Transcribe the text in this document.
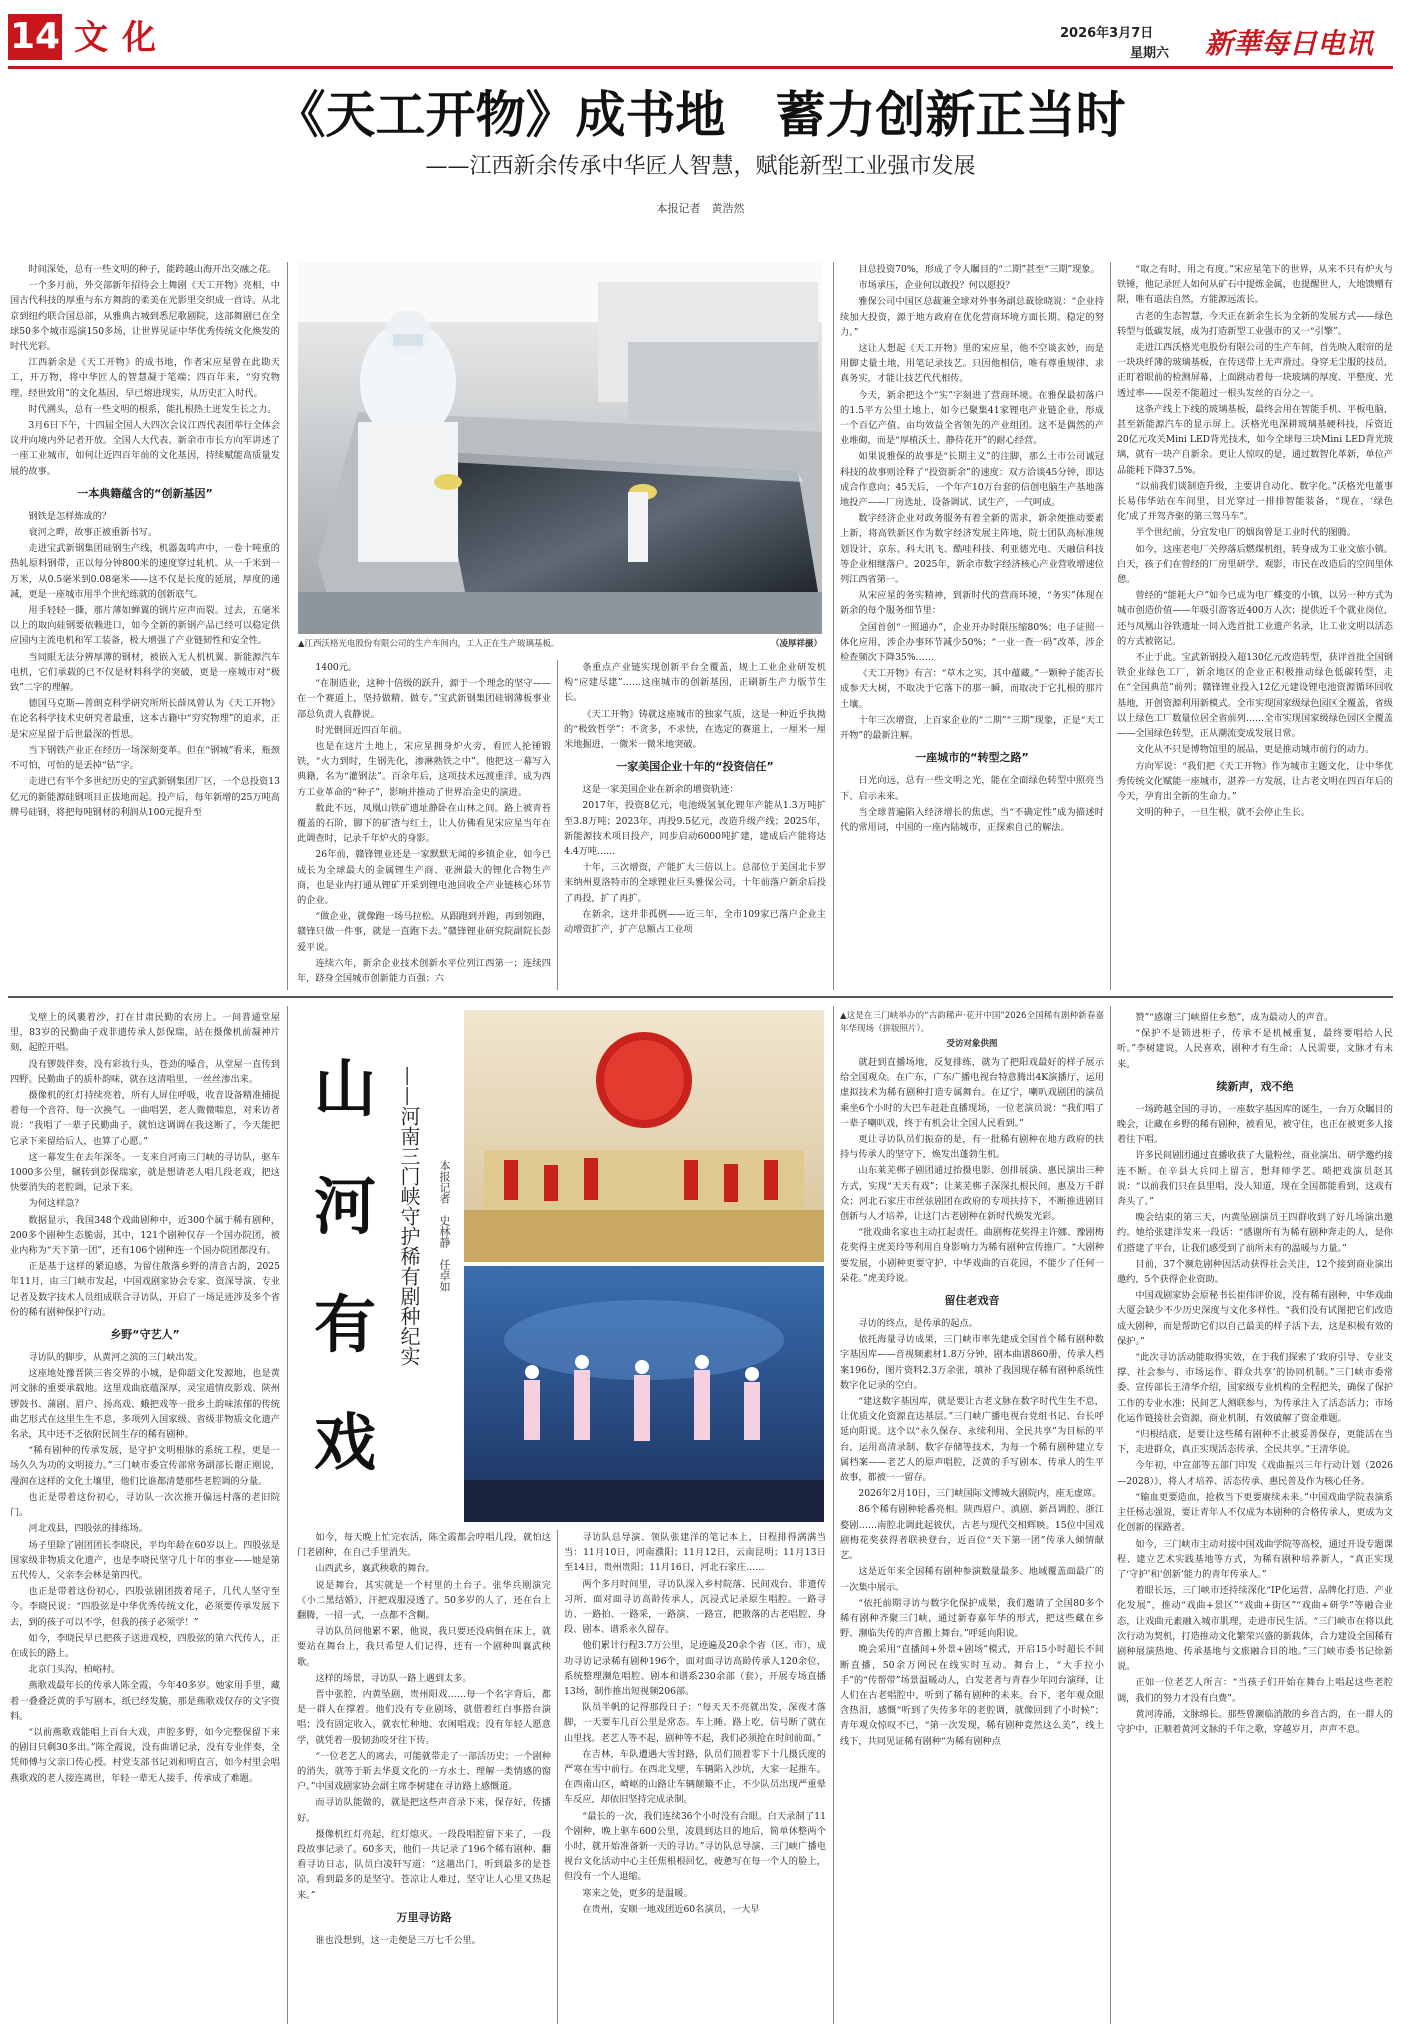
14 文化	2026年3月7日
星期六 新華每日电讯
《天工开物》成书地　蓄力创新正当时
——江西新余传承中华匠人智慧，赋能新型工业强市发展
本报记者　黄浩然
▲江西沃格光电股份有限公司的生产车间内，工人正在生产玻璃基板。	（凌厚祥摄）

时间深处，总有一些文明的种子，能跨越山海开出交融之花。

一个多月前，外交部新年招待会上舞剧《天工开物》亮相，中国古代科技的厚重与东方舞韵的柔美在光影里交织成一首诗。从北京到纽约联合国总部，从雅典古城到悉尼歌剧院，这部舞剧已在全球50多个城市巡演150多场，让世界见证中华优秀传统文化焕发的时代光彩。

江西新余是《天工开物》的成书地，作者宋应星曾在此勘天工，开万物，将中华匠人的智慧凝于笔端；四百年来，“穷究物理、经世致用”的文化基因，早已熔进现实，从历史汇入时代。

时代溯头，总有一些文明的根系，能扎根热土迸发生长之力。

3月6日下午，十四届全国人大四次会议江西代表团举行全体会议并向境内外记者开放。全国人大代表、新余市市长方向军讲述了一座工业城市，如何让近四百年前的文化基因，持续赋能高质量发展的故事。

一本典籍蕴含的“创新基因”

钢铁是怎样炼成的？

衰河之畔，故事正被重新书写。

走进宝武新钢集团硅钢生产线，机器轰鸣声中，一卷十吨重的热轧原料钢带，正以每分钟800米的速度穿过轧机。从一千米到一万米，从0.5毫米到0.08毫米——这不仅是长度的延展，厚度的递减，更是一座城市用半个世纪练就的创新底气。

用手轻轻一撕，那片薄如蝉翼的钢片应声而裂。过去，五毫米以上的取向硅钢要依赖进口，如今全新的新钢产品已经可以稳定供应国内主流电机和军工装备，极大增强了产业链韧性和安全性。

当同眼无法分辨厚薄的钢材，被嵌入无人机机翼、新能源汽车电机，它们承载的已不仅是材料科学的突破，更是一座城市对“极致”二字的理解。

德国马克斯—普朗克科学研究所所长薛凤曾认为《天工开物》在论名科学技术史研究者最重，这本古籍中“穷究物理”的追求，正是宋应星留于后世最深的哲思。

当下钢铁产业正在经历一场深刻变革。但在“钢城”看来，瓶颈不可怕，可怕的是丢掉“钻”字。

走进已有半个多世纪历史的宝武新钢集团厂区，一个总投资13亿元的新能源硅钢项目正拔地而起。投产后，每年新增的25万吨高牌号硅钢，将把每吨钢材的利润从100元提升至

1400元。

“在制造业，这种十倍级的跃升，源于一个理念的坚守——在一个赛道上，坚持做精、做专。”宝武新钢集团硅钢薄板事业部总负责人袁静说。

时光倒回近四百年前。

也是在这片土地上，宋应星拥身炉火旁，看匠人抡锤锻铁，“火力到时，生钢先化，渗淋熟铁之中”。他把这一幕写入典籍，名为“灌钢法”。百余年后，这项技术远渡重洋，成为西方工业革命的“种子”，影响并推动了世界冶金史的演进。

数此不远，凤凰山铁矿遗址静卧在山林之间。路上被青苔覆盖的石阶，脚下的矿渣与红土，让人仿佛看见宋应星当年在此调查时，记录千年炉火的身影。

26年前，赣锋锂业还是一家默默无闻的乡镇企业，如今已成长为全球最大的金属锂生产商、亚洲最大的锂化合物生产商，也是业内打通从锂矿开采到锂电池回收全产业链核心环节的企业。

“做企业，就像跑一场马拉松。从跟跑到并跑，再到领跑，赣锋只做一件事，就是一直跑下去。”赣锋锂业研究院副院长彭爱平说。

连续六年，新余企业技术创新水平位列江西第一；连续四年，跻身全国城市创新能力百强；六

条重点产业链实现创新平台全覆盖，规上工业企业研发机构“应建尽建”……这座城市的创新基因，正刷新生产力版节生长。

《天工开物》铸就这座城市的独家气质，这是一种近乎执拗的“极致哲学”：不贪多，不求快，在选定的赛道上，一厘米一厘米地掘进，一微米一微米地突破。

一家美国企业十年的“投资信任”

这是一家美国企业在新余的增资轨迹：

2017年，投资8亿元，电池级氢氧化锂年产能从1.3万吨扩至3.8万吨；2023年，再投9.5亿元，改造升级产线；2025年，新能源技术项目投产，同步启动6000吨扩建，建成后产能将达4.4万吨……

十年，三次增资，产能扩大三倍以上。总部位于美国北卡罗来纳州夏洛特市的全球锂业巨头雅保公司，十年前落户新余后投了再投，扩了再扩。

在新余，这并非孤例——近三年，全市109家已落户企业主动增资扩产，扩产总额占工业项

目总投资70%，形成了令人瞩目的“二期”甚至“三期”现象。

市场承压，企业何以敢投？何以愿投？

雅保公司中国区总裁兼全球对外事务副总裁徐晓说：“企业持续加大投资，源于地方政府在优化营商环境方面长期、稳定的努力。”

这让人想起《天工开物》里的宋应星，他不空谈玄妙，而是用脚丈量土地，用笔记录技艺。只因他相信，唯有尊重规律、求真务实，才能让技艺代代相传。

今天，新余把这个“实”字刻进了营商环境。在雅保最初落户的1.5平方公里土地上，如今已聚集41家锂电产业链企业，形成一个百亿产值、亩均效益全省领先的产业组团。这不是偶然的产业堆砌，而是“厚植沃土、静待花开”的耐心经营。

如果说雅保的故事是“长期主义”的注脚，那么土市公司诚冠科技的故事则诠释了“投资新余”的速度：双方洽谈45分钟，即达成合作意向；45天后，一个年产10万台套的信创电脑生产基地落地投产——厂房选址、设备调试、试生产，一气呵成。

数字经济企业对政务服务有着全新的需求，新余便推动要素上新，将高铁新区作为数字经济发展主阵地，院士团队高标准规划设计，京东、科大讯飞、酷哇科技、利亚德光电、天融信科技等企业相继落户。2025年，新余市数字经济核心产业营收增速位列江西省第一。

从宋应星的务实精神，到新时代的营商环境，“务实”体现在新余的每个服务细节里：

全国首创“一照通办”，企业开办时限压缩80%；电子证照一体化应用，涉企办事环节减少50%；“一业一查一码”改革，涉企检查频次下降35%……

《天工开物》有言：“草木之实，其中蕴藏。”一颗种子能否长成参天大树，不取决于它落下的那一瞬，而取决于它扎根的那片土壤。

十年三次增资，上百家企业的“二期”“三期”现象，正是“天工开物”的最新注解。

一座城市的“转型之路”

日光向远，总有一些文明之光，能在全面绿色转型中照亮当下、启示未来。

当全球普遍陷入经济增长的焦虑，当“不确定性”成为描述时代的常用词，中国的一座内陆城市，正探索自己的解法。

“取之有时，用之有度。”宋应星笔下的世界，从来不只有炉火与铁锤，他记录匠人如何从矿石中提炼金属，也提醒世人，大地馈赠有限，唯有道法自然，方能源远流长。

古老的生态智慧，今天正在新余生长为全新的发展方式——绿色转型与低碳发展，成为打造新型工业强市的又一“引擎”。

走进江西沃格光电股份有限公司的生产车间，首先映入眼帘的是一块块纤薄的玻璃基板，在传送带上无声滑过。身穿无尘服的技员，正盯着眼前的检测屏幕，上面跳动着每一块玻璃的厚度、平整度、光透过率——误差不能超过一根头发丝的百分之一。

这条产线上下线的玻璃基板，最终会用在智能手机、平板电脑，甚至新能源汽车的显示屏上。沃格光电深耕玻璃基硬科技，斥资近20亿元攻关Mini LED背光技术，如今全球每三块Mini LED背光玻璃，就有一块产自新余。更让人惊叹的是，通过数智化革新，单位产品能耗下降37.5%。

“以前我们谈制造升级，主要讲自动化、数字化。”沃格光电董事长易伟华站在车间里，目光穿过一排排智能装备，“现在，‘绿色化’成了并驾齐驱的第三驾马车”。

半个世纪前，分宜发电厂的烟囱曾是工业时代的图腾。

如今，这座老电厂关停落后燃煤机组，转身成为工业文旅小镇。白天，孩子们在曾经的厂房里研学、观影，市民在改造后的空间里休憩。

曾经的“能耗大户”如今已成为电厂蝶变的小镇，以另一种方式为城市创造价值——年吸引游客近400万人次；提供近千个就业岗位，还与凤凰山谷铁遗址一同入选首批工业遗产名录，让工业文明以活态的方式被铭记。

不止于此。宝武新钢投入超130亿元改造转型，获评首批全国钢铁企业绿色工厂，新余地区的企业正积极推动绿色低碳转型，走在“全国典范”前列；赣锋锂业投入12亿元建设锂电池资源循环回收基地，开创资源利用新模式。全市实现国家级绿色园区全覆盖，省级以上绿色工厂数量位居全省前列……全市实现国家级绿色园区全覆盖——全国绿色转型，正从潮流变成发展日常。

文化从不只是博物馆里的展品，更是推动城市前行的动力。

方向军说：“我们把《天工开物》作为城市主题文化，让中华优秀传统文化赋能一座城市，湛养一方发展，让古老文明在四百年后的今天，孕育出全新的生命力。”

文明的种子，一旦生根，就不会停止生长。

山
河
有
戏
——河南三门峡守护稀有剧种纪实	本报记者　史林静　任卓如

戈壁上的风裹着沙，打在甘肃民勤的农房上。一间普通堂屋里，83岁的民勤曲子戏非遗传承人彭保瑞，站在摄像机前凝神片刻，起腔开唱。

没有锣鼓伴奏，没有彩妆行头，苍劲的嗓音，从堂屋一直传到四野。民勤曲子的质朴韵味，就在这清唱里，一丝丝渗出来。

摄像机的红灯持续亮着，所有人屏住呼吸，收音设备精准捕捉着每一个音符、每一次换气。一曲唱罢，老人微微喘息，对来访者说：“我唱了一辈子民勤曲子，就怕这调调在我这断了，今天能把它录下来留给后人，也算了心愿。”

这一幕发生在去年深冬。一支来自河南三门峡的寻访队，驱车1000多公里，辗转到彭保瑞家，就是想请老人唱几段老戏，把这快要消失的老腔调，记录下来。

为何这样急？

数据显示，我国348个戏曲剧种中，近300个属于稀有剧种，200多个剧种生态脆弱，其中，121个剧种仅存一个国办院团，被业内称为“天下第一团”，还有106个剧种连一个国办院团都没有。

正是基于这样的紧迫感，为留住散落乡野的清音古韵，2025年11月，由三门峡市发起，中国戏剧家协会专家、资深导演、专业记者及数字技术人员组成联合寻访队，开启了一场足迹涉及多个省份的稀有剧种保护行动。

乡野“守艺人”

寻访队的脚步，从黄河之滨的三门峡出发。

这座地处豫晋陕三省交界的小城，是仰韶文化发源地，也是黄河文脉的重要承载地。这里戏曲底蕴深厚，灵宝道情皮影戏、陕州锣鼓书、蒲剧、眉户、扬高戏、蛾把戏等一批乡土韵味浓郁的传统曲艺形式在这里生生不息，多项列入国家级、省级非物质文化遗产名录，其中还不乏依附民间生存的稀有剧种。

“稀有剧种的传承发展，是守护文明根脉的系统工程，更是一场久久为功的文明接力。”三门峡市委宣传部常务副部长谢正刚说，漫润在这样的文化土壤里，他们比谁都清楚那些老腔调的分量。

也正是带着这份初心，寻访队一次次推开偏远村落的老旧院门。

河北戏县，四股弦的排练场。

场子里除了剧团团长李晓民，平均年龄在60岁以上。四股弦是国家级非物质文化遗产，也是李晓民坚守几十年的事业——她是第五代传人，父亲李会林是第四代。

也正是带着这份初心，四股弦剧团拨着尾子，几代人坚守至今。李晓民说：“四股弦是中华优秀传统文化，必须要传承发展下去，到的孩子可以不学，但我的孩子必须学！”

如今，李晓民早已把孩子送进戏校，四股弦的第六代传人，正在成长的路上。

北京门头沟，柏峪村。

燕歌戏最年长的传承人陈全霞，今年40多岁。她家用手里，藏着一叠叠泛黄的手写剧本，纸已经发脆，那是燕歌戏仅存的文字资料。

“以前燕歌戏能唱上百台大戏，声腔多野，如今完整保留下来的剧目只剩30多出。”陈全霞说，没有曲谱记录，没有专业伴奏，全凭师傅与父亲口传心授。村党支部书记刘和明直言，如今村里会唱燕歌戏的老人接连离世，年轻一辈无人接手，传承成了难题。

如今，每天晚上忙完农活，陈全霞都会哼唱几段，就怕这门老剧种，在自己手里消失。

山西武乡，襄武秧歌的舞台。

说是舞台，其实就是一个村里的土台子。张华兵刚演完《小二黑结婚》，汗把戏服浸透了。50多岁的人了，还在台上翻腾，一招一式，一点都不含糊。

寻访队员问他累不累，他说，我只要还没病倒在床上，就要站在舞台上，我只希望人们记得，还有一个剧种叫襄武秧歌。

这样的场景，寻访队一路上遇到太多。

晋中张腔，内黄坠剧，贵州阳戏……每一个名字背后，都是一群人在撑着。他们没有专业剧场，就借着红白事搭台演唱；没有固定收入，就农忙种地、农闲唱戏；没有年轻人愿意学，就凭着一股韧劲咬牙往下传。

“一位老艺人的离去，可能就带走了一部活历史；一个剧种的消失，就等于斩去华夏文化的一方水土、理解一类情感的窗户。”中国戏剧家协会副主席李树建在寻访路上感慨道。

而寻访队能做的，就是把这些声音录下来，保存好，传播好。

摄像机红灯亮起，红灯熄灭。一段段唱腔留下来了，一段段故事记录了。60多天，他们一共记录了196个稀有剧种、翻看寻访日志，队员白凌轩写道：“这趟出门，听到最多的是苍凉，看到最多的是坚守。苍凉让人难过，坚守让人心里又热起来。”

万里寻访路

谁也没想到，这一走便是三万七千公里。

寻访队总导演、领队张建洋的笔记本上，日程排得满满当当：11月10日，河南濮阳；11月12日，云南昆明；11月13日至14日，贵州贵阳；11月16日，河北石家庄……

两个多月时间里，寻访队深入乡村院落、民间戏台、非遗传习所，面对面寻访高龄传承人，沉浸式记录原生唱腔。一路寻访、一路拍、一路采，一路演、一路宣，把散落的古老唱腔、身段、剧本、谱系永久留存。

他们累计行程3.7万公里，足迹遍及20余个省（区、市），成功寻访记录稀有剧种196个，面对面寻访高龄传承人120余位，系统整理濒危唱腔、剧本和谱系230余部（套），开展专场直播13场，制作推出短视频206部。

队员半帆的记得那段日子：“每天天不亮就出发，深夜才落脚，一天要车几百公里是常态。车上睡、路上吃，信号断了就在山里找。老艺人等不起，剧种等不起，我们必须抢在时间前面。”

在吉林，车队遭遇大雪封路，队员们顶着零下十几摄氏度的严寒在雪中前行。在西北戈壁，车辆陷入沙坑，大家一起推车。在西南山区，崎岖的山路让车辆颠簸不止，不少队员出现严重晕车反应，却依旧坚持完成录制。

“最长的一次，我们连续36个小时没有合眼。白天录制了11个剧种，晚上驱车600公里，凌晨到达目的地后，简单休整两个小时，就开始准备新一天的寻访。”寻访队总导演、三门峡广播电视台文化活动中心主任焦根根回忆，疲惫写在每一个人的脸上，但没有一个人退缩。

寒来之处，更多的是温暖。

在贵州，安顺一地戏团近60名演员，一大早

▲这是在三门峡举办的“古韵稀声·花开中国”2026全国稀有剧种新春嘉年华现场（拼版照片）。
受访对象供图

就赶到直播场地，反复排练，就为了把阳戏最好的样子展示给全国观众。在广东，广东广播电视台特意腾出4K演播厅，运用虚拟技术为稀有剧种打造专属舞台。在辽宁，喇叭戏剧团的演员乘坐6个小时的大巴车赶赴直播现场，一位老演员说：“我们唱了一辈子喇叭戏，终于有机会让全国人民看到。”

更让寻访队员们振奋的是，有一批稀有剧种在地方政府的扶持与传承人的坚守下，焕发出蓬勃生机。

山东莱芜梆子剧团通过抬摄电影、创排展演、惠民演出三种方式，实现“天天有戏”；让莱芜梆子深深扎根民间，惠及万千群众；河北石家庄市丝弦剧团在政府的专项扶持下，不断推进剧目创新与人才培养，让这门古老剧种在新时代焕发光彩。

“批戏曲名家也主动扛起责任。曲剧梅花奖得主许娜、豫剧梅花奖得主虎美玲等利用自身影响力为稀有剧种宣传推广。“大剧种要发展，小剧种更要守护，中华戏曲的百花园，不能少了任何一朵花。”虎美玲说。

留住老戏音

寻访的终点，是传承的起点。

依托海量寻访成果，三门峡市率先建成全国首个稀有剧种数字基因库——音视频素材1.8万分钟，剧本曲谱860册，传承人档案196份，图片资料2.3万余张，填补了我国现存稀有剧种系统性数字化记录的空白。

“建这数字基因库，就是要让古老文脉在数字时代生生不息，让优质文化资源直达基层。”三门峡广播电视台党组书记、台长呼延向阳说。这个以“永久保存、永续利用、全民共享”为目标的平台，运用高清录制、数字存储等技术，为每一个稀有剧种建立专属档案——老艺人的原声唱腔，泛黄的手写剧本、传承人的生平故事，都被一一留存。

2026年2月10日，三门峡国际文博城大剧院内，座无虚席。

86个稀有剧种轮番亮相。陕西眉户、滇剧、新昌调腔、浙江婺剧……南腔北调此起彼伏，古老与现代交相辉映。15位中国戏剧梅花奖获得者联袂登台，近百位“天下第一团”传承人倾情献艺。

这是近年来全国稀有剧种参演数量最多、地域覆盖面最广的一次集中展示。

“依托前期寻访与数字化保护成果，我们邀请了全国80多个稀有剧种齐聚三门峡，通过新春嘉年华的形式，把这些藏在乡野、濒临失传的声音搬上舞台。”呼延向阳说。

晚会采用“直播间+外景+剧场”模式，开启15小时超长不间断直播，50余万网民在线实时互动。舞台上，“大手拉小手”的“传帮带”场景温暖动人，白发老者与青春少年同台演绎，让人们在古老唱腔中，听到了稀有剧种的未来。台下，老年观众眼含热泪，感慨“听到了失传多年的老腔调，就像回到了小时候”；青年观众惊叹不已，“第一次发现，稀有剧种竟然这么美”，线上线下，共同见证稀有剧种“为稀有剧种点

赞”“感谢三门峡留住乡愁”，成为最动人的声音。

“保护不是锁进柜子，传承不是机械重复，最终要唱给人民听。”李树建说，人民喜欢，剧种才有生命；人民需要，文脉才有未来。

续新声，戏不绝

一场跨越全国的寻访，一座数字基因库的诞生，一台万众瞩目的晚会，让藏在乡野的稀有剧种，被看见，被守住，也正在被更多人接着往下唱。

许多民间剧团通过直播收获了大量粉丝，商业演出、研学邀约接连不断。在辛县大兵同上留言，想拜师学艺。唢把戏演员赵其说：“以前我们只在县里唱，没人知道，现在全国都能看到，这戏有奔头了。”

晚会结束的第三天，内黄坠剧演员王四群收到了好几场演出邀约。她给张建洋发来一段话：“感谢所有为稀有剧种奔走的人，是你们搭建了平台，让我们感受到了前所未有的温暖与力量。”

目前，37个濒危剧种因活动获得社会关注，12个接到商业演出邀约，5个获得企业资助。

中国戏剧家协会原秘书长崔伟评价说，没有稀有剧种，中华戏曲大厦会缺少不少历史深度与文化多样性。“我们没有试图把它们改造成大剧种，而是帮助它们以自己最美的样子活下去，这是积极有效的保护。”

“此次寻访活动能取得实效，在于我们探索了‘政府引导、专业支撑、社会参与、市场运作、群众共享’的协同机制。”三门峡市委常委、宣传部长王清华介绍，国家级专业机构的全程把关，确保了保护工作的专业水准；民间艺人测联参与，为传承注入了活态活力；市场化运作链接社会资源，商业机制，有效破解了资金难题。

“归根结底，是要让这些稀有剧种不止被妥善保存，更能活在当下，走进群众，真正实现活态传承、全民共享。”王清华说。

今年初，中宣部等五部门印发《戏曲振兴三年行动计划（2026—2028）》，将人才培养、活态传承、惠民普及作为核心任务。

“输血更要造血，抢救当下更要赓续未来。”中国戏曲学院表演系主任杨志强说，要让青年人不仅成为本剧种的合格传承人，更成为文化创新的探路者。

如今，三门峡市主动对接中国戏曲学院等高校，通过开设专题课程、建立艺术实践基地等方式，为稀有剧种培养新人，“真正实现了‘守护’和‘创新’能力的青年传承人。”

着眼长远，三门峡市还持续深化“IP化运营、品牌化打造、产业化发展”，推动“戏曲+景区”“戏曲+街区”“戏曲+研学”等融合业态，让戏曲元素融入城市肌理，走进市民生活。“三门峡市在将以此次行动为契机，打造推动文化繁荣兴盛的新载体，合力建设全国稀有剧种展演热地、传承基地与文旅融合目的地。”三门峡市委书记徐新说。

正如一位老艺人所言：“当孩子们开始在舞台上唱起这些老腔调，我们的努力才没有白费”。

黄河涛涌，文脉绵长。那些曾濒临消散的乡音古韵，在一群人的守护中，正顺着黄河文脉的千年之歌，穿越岁月，声声不息。
